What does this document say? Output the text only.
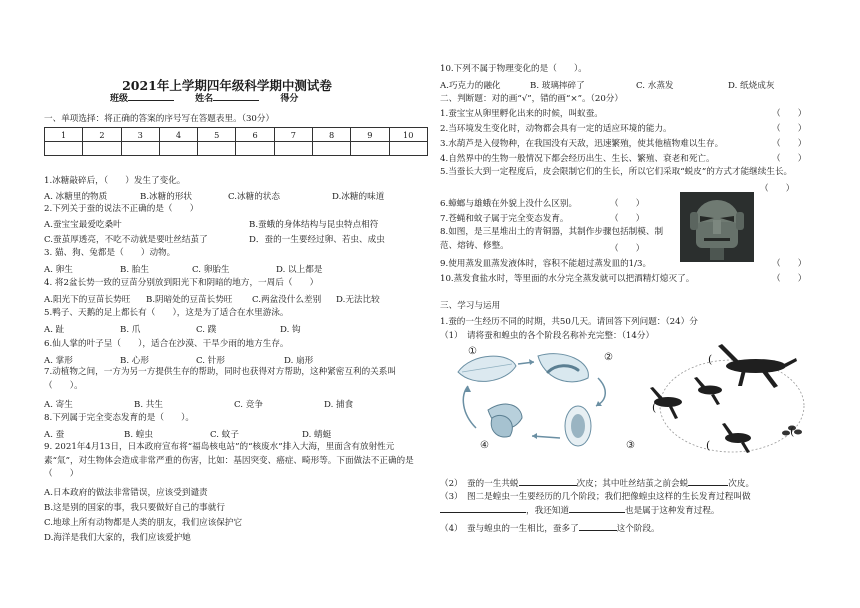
2021年上学期四年级科学期中测试卷
班级	姓名	得分
一、单项选择：将正确的答案的序号写在答题表里。（30分）
1	2	3	4	5	6	7	8	9	10

1.冰糖敲碎后，（　　）发生了变化。
A. 冰糖里的物质	B.冰糖的形状	C.冰糖的状态	D.冰糖的味道
2.下列关于蚕的说法不正确的是（　　）
A.蚕宝宝最爱吃桑叶	B.蚕蛾的身体结构与昆虫特点相符
C.蚕茧厚透亮，不吃不动就是要吐丝结茧了	D．蚕的一生要经过卵、若虫、成虫
3. 猫、狗、兔都是（　　）动物。
A. 卵生	B. 胎生	C. 卵胎生	D. 以上都是
4. 将2盆长势一致的豆苗分别放到阳光下和阴暗的地方，一周后（　　）
A.阳光下的豆苗长势旺	B.阴暗处的豆苗长势旺	C.两盆没什么差别	D.无法比较
5.鸭子、天鹅的足上都长有（　　），这是为了适合在水里游泳。
A. 趾	B. 爪	C. 蹼	D. 钩
6.仙人掌的叶子呈（　　），适合在沙漠、干旱少雨的地方生存。
A. 掌形	B. 心形	C. 针形	D. 扇形
7.动植物之间，一方为另一方提供生存的帮助，同时也获得对方帮助，这种紧密互利的关系叫（　　）。
A. 寄生	B. 共生	C. 竞争	D. 捕食
8.下列属于完全变态发育的是（　　）。
A. 蚕	B. 蝗虫	C. 蚊子	D. 蜻蜓
9. 2021年4月13日，日本政府宣布将“福岛核电站”的“核废水”排入大海，里面含有放射性元素“氚”，对生物体会造成非常严重的伤害，比如：基因突变、癌症、畸形等。下面做法不正确的是（　　）
A.日本政府的做法非常错误，应该受到谴责
B.这是别的国家的事，我只要做好自己的事就行
C.地球上所有动物都是人类的朋友，我们应该保护它
D.海洋是我们大家的，我们应该爱护她
10.下列不属于物理变化的是（　　）。
A.巧克力的融化	B. 玻璃摔碎了	C. 水蒸发	D. 纸烧成灰
二、判断题：对的画“√”，错的画“×”。（20分）
1.蚕宝宝从卵里孵化出来的时候，叫蚁蚕。	（　　）
2.当环境发生变化时，动物都会具有一定的适应环境的能力。	（　　）
3.水葫芦是入侵物种，在我国没有天敌，迅速繁殖，使其他植物难以生存。	（　　）
4.自然界中的生物一般情况下都会经历出生、生长、繁殖、衰老和死亡。	（　　）
5.当蚕长大到一定程度后，皮会限制它们的生长，所以它们采取“蜕皮”的方式才能继续生长。
（　　）
6.蟑螂与雄蛾在外貌上没什么区别。	（　　）
7.苍蝇和蚊子属于完全变态发育。	（　　）
8.如图，是三星堆出土的青铜器，其制作步骤包括制模、制范、熔铸、修整。	（　　）
9.使用蒸发皿蒸发液体时，容积不能超过蒸发皿的1/3。	（　　）
10.蒸发食盐水时，等里面的水分完全蒸发就可以把酒精灯熄灭了。	（　　）
三、学习与运用
1.蚕的一生经历不同的时期，共50几天。请回答下列问题：（24）分
（1）　请将蚕和蝗虫的各个阶段名称补充完整：（14分）
①
②
③
④
(
(
(
(
（2）　蚕的一生共蜕	次皮；其中吐丝结茧之前会蜕	次皮。
（3）　图二是蝗虫一生要经历的几个阶段；我们把像蝗虫这样的生长发育过程叫做，我还知道	也是属于这种发育过程。
（4）　蚕与蝗虫的一生相比，蚕多了	这个阶段。
